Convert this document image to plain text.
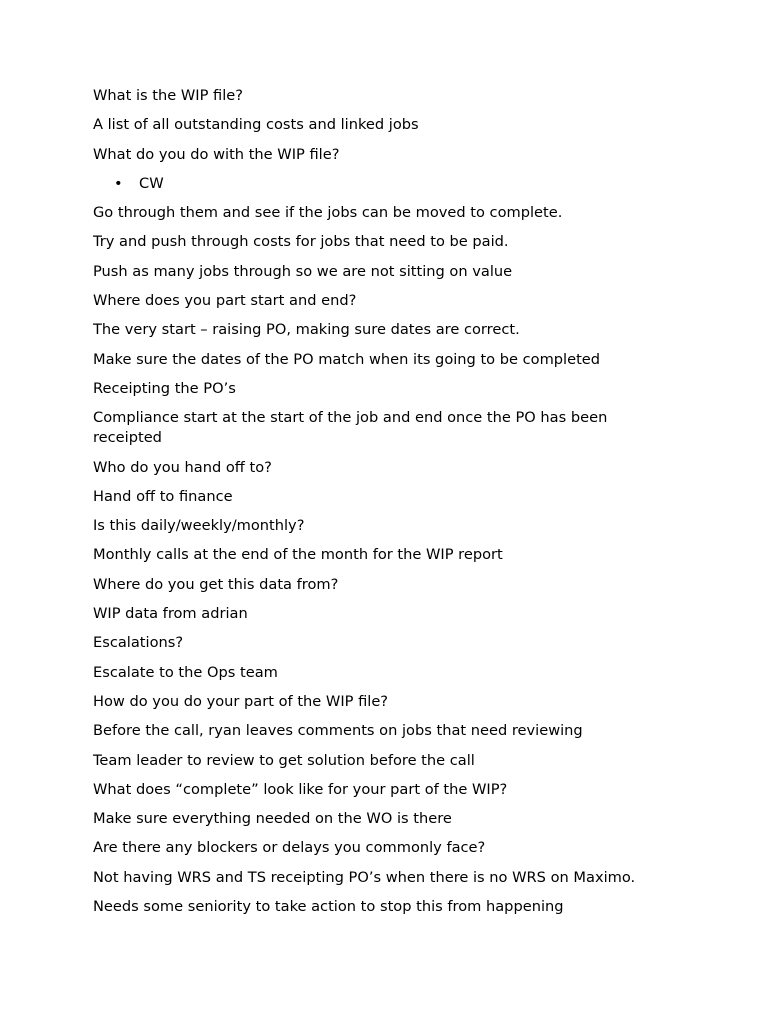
What is the WIP file?

A list of all outstanding costs and linked jobs

What do you do with the WIP file?

• CW

Go through them and see if the jobs can be moved to complete.

Try and push through costs for jobs that need to be paid.

Push as many jobs through so we are not sitting on value

Where does you part start and end?

The very start – raising PO, making sure dates are correct.

Make sure the dates of the PO match when its going to be completed

Receipting the PO’s

Compliance start at the start of the job and end once the PO has been receipted

Who do you hand off to?

Hand off to finance

Is this daily/weekly/monthly?

Monthly calls at the end of the month for the WIP report

Where do you get this data from?

WIP data from adrian

Escalations?

Escalate to the Ops team

How do you do your part of the WIP file?

Before the call, ryan leaves comments on jobs that need reviewing

Team leader to review to get solution before the call

What does “complete” look like for your part of the WIP?

Make sure everything needed on the WO is there

Are there any blockers or delays you commonly face?

Not having WRS and TS receipting PO’s when there is no WRS on Maximo.

Needs some seniority to take action to stop this from happening
